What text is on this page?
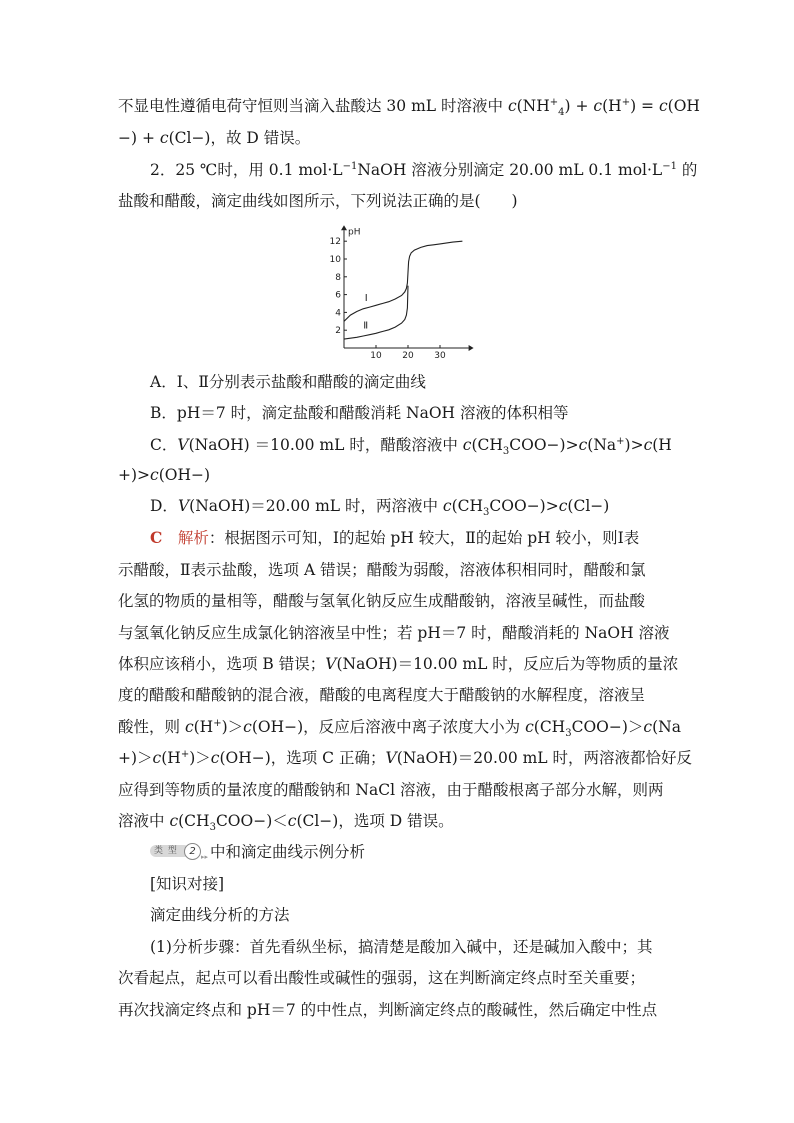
不显电性遵循电荷守恒则当滴入盐酸达 30 mL 时溶液中 $c(NH^+_4) + c(H^+) = c(OH$
−) + c(Cl−)，故 D 错误。
2．25 ℃时，用 0.1 $mol\cdot L^{-1}NaOH$ 溶液分别滴定 20.00 mL 0.1 $mol\cdot L^{-1}$ 的
盐酸和醋酸，滴定曲线如图所示，下列说法正确的是(　　)
2
4
6
8
10
12
10 20 30
pH
Ⅰ
Ⅱ
A．Ⅰ、Ⅱ分别表示盐酸和醋酸的滴定曲线
B．pH＝7 时，滴定盐酸和醋酸消耗 NaOH 溶液的体积相等
C．V(NaOH) ＝10.00 mL 时，醋酸溶液中 $c(CH_3COO-)>c(Na^+)>c(H$
+)>c(OH−)
D．V(NaOH)＝20.00 mL 时，两溶液中 $c(CH_3COO-)>c(Cl-)$
C　 解析：根据图示可知，Ⅰ的起始 pH 较大，Ⅱ的起始 pH 较小，则Ⅰ表
示醋酸，Ⅱ表示盐酸，选项 A 错误；醋酸为弱酸，溶液体积相同时，醋酸和氯
化氢的物质的量相等，醋酸与氢氧化钠反应生成醋酸钠，溶液呈碱性，而盐酸
与氢氧化钠反应生成氯化钠溶液呈中性；若 pH＝7 时，醋酸消耗的 NaOH 溶液
体积应该稍小，选项 B 错误；V(NaOH)＝10.00 mL 时，反应后为等物质的量浓
度的醋酸和醋酸钠的混合液，醋酸的电离程度大于醋酸钠的水解程度，溶液呈
酸性，则 c(H+)＞c(OH−)，反应后溶液中离子浓度大小为 $c(CH_3COO-)>c(Na$
+)＞c(H+)＞c(OH−)，选项 C 正确；V(NaOH)＝20.00 mL 时，两溶液都恰好反
应得到等物质的量浓度的醋酸钠和 NaCl 溶液，由于醋酸根离子部分水解，则两
溶液中 $c(CH_3COO-)<c(Cl-)$，选项 D 错误。
类 型	2 ▸▸ 中和滴定曲线示例分析
[知识对接]
滴定曲线分析的方法
(1)分析步骤：首先看纵坐标，搞清楚是酸加入碱中，还是碱加入酸中；其
次看起点，起点可以看出酸性或碱性的强弱，这在判断滴定终点时至关重要；
再次找滴定终点和 pH＝7 的中性点，判断滴定终点的酸碱性，然后确定中性点
